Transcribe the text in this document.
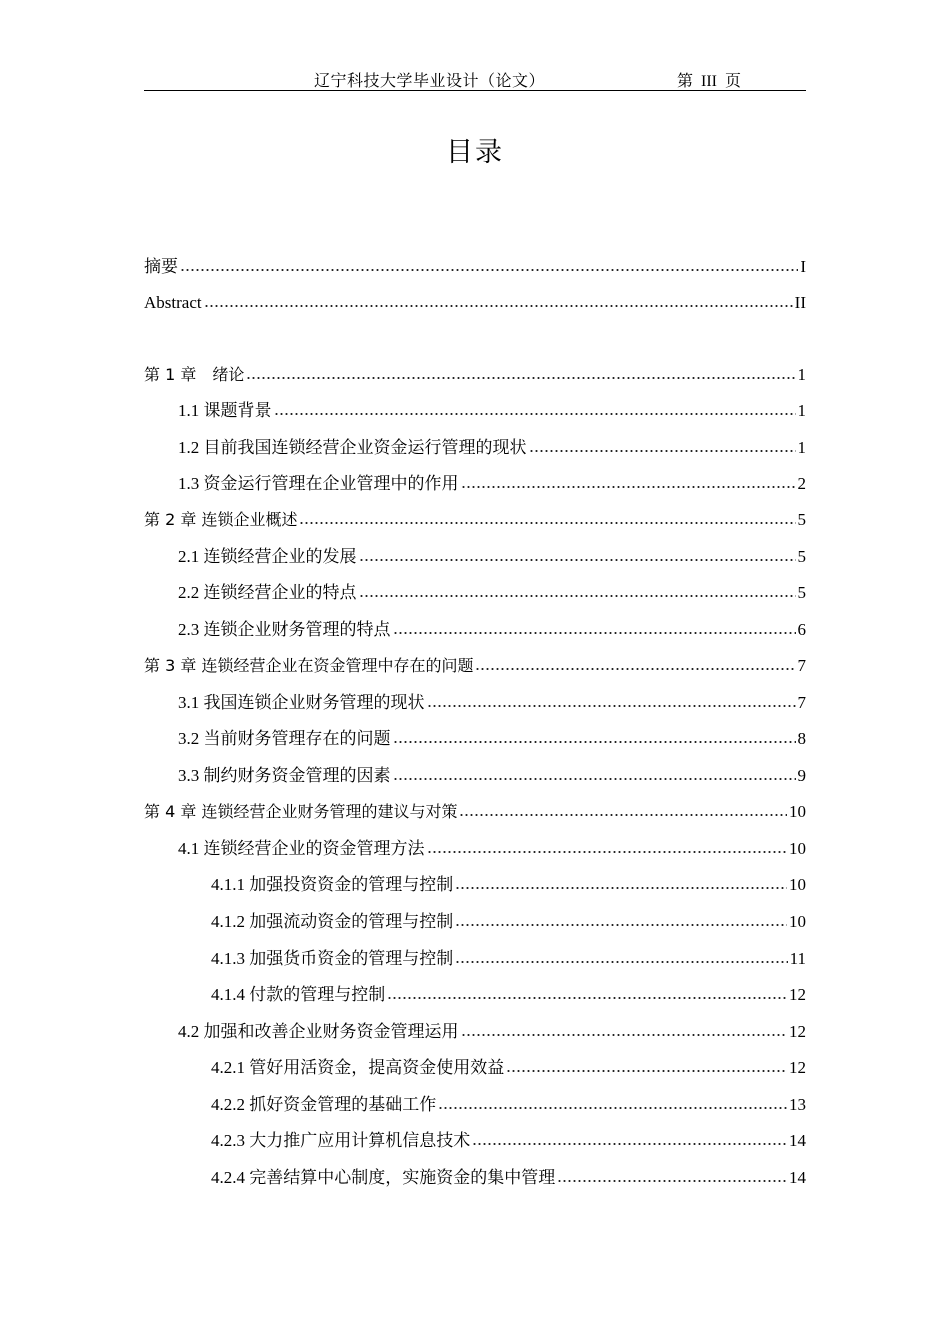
辽宁科技大学毕业设计（论文）	第 III 页
目录
摘要	I
Abstract	II
第 1 章　绪论	1
1.1 课题背景	1
1.2 目前我国连锁经营企业资金运行管理的现状	1
1.3 资金运行管理在企业管理中的作用	2
第 2 章 连锁企业概述	5
2.1 连锁经营企业的发展	5
2.2 连锁经营企业的特点	5
2.3 连锁企业财务管理的特点	6
第 3 章 连锁经营企业在资金管理中存在的问题	7
3.1 我国连锁企业财务管理的现状	7
3.2 当前财务管理存在的问题	8
3.3 制约财务资金管理的因素	9
第 4 章 连锁经营企业财务管理的建议与对策	10
4.1 连锁经营企业的资金管理方法	10
4.1.1 加强投资资金的管理与控制	10
4.1.2 加强流动资金的管理与控制	10
4.1.3 加强货币资金的管理与控制	11
4.1.4 付款的管理与控制	12
4.2 加强和改善企业财务资金管理运用	12
4.2.1 管好用活资金，提高资金使用效益	12
4.2.2 抓好资金管理的基础工作	13
4.2.3 大力推广应用计算机信息技术	14
4.2.4 完善结算中心制度，实施资金的集中管理	14
